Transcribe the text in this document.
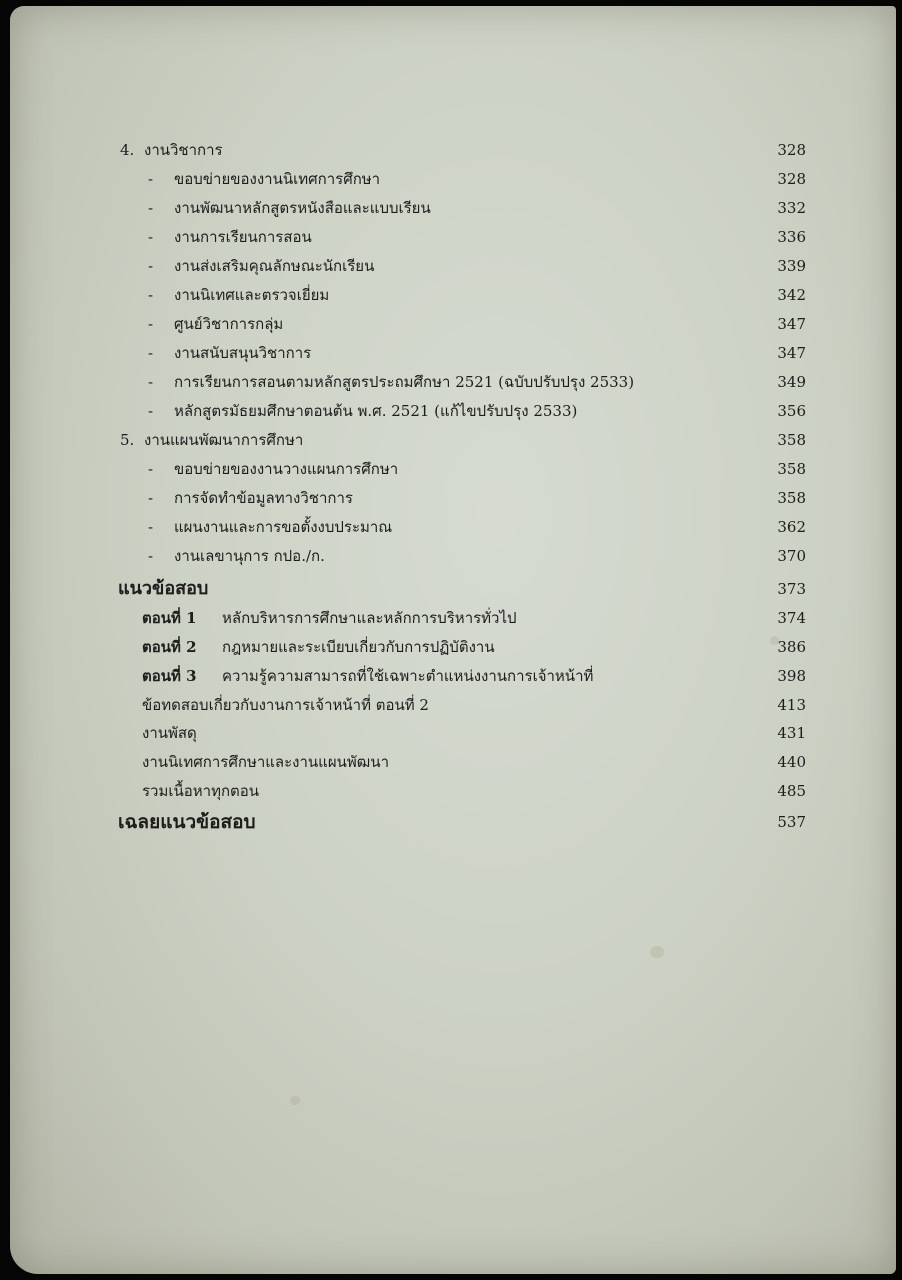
4. งานวิชาการ	328
- ขอบข่ายของงานนิเทศการศึกษา	328
- งานพัฒนาหลักสูตรหนังสือและแบบเรียน	332
- งานการเรียนการสอน	336
- งานส่งเสริมคุณลักษณะนักเรียน	339
- งานนิเทศและตรวจเยี่ยม	342
- ศูนย์วิชาการกลุ่ม	347
- งานสนับสนุนวิชาการ	347
- การเรียนการสอนตามหลักสูตรประถมศึกษา 2521 (ฉบับปรับปรุง 2533)	349
- หลักสูตรมัธยมศึกษาตอนต้น พ.ศ. 2521 (แก้ไขปรับปรุง 2533)	356
5. งานแผนพัฒนาการศึกษา	358
- ขอบข่ายของงานวางแผนการศึกษา	358
- การจัดทำข้อมูลทางวิชาการ	358
- แผนงานและการขอตั้งงบประมาณ	362
- งานเลขานุการ กปอ./ก.	370
แนวข้อสอบ	373
ตอนที่ 1 หลักบริหารการศึกษาและหลักการบริหารทั่วไป	374
ตอนที่ 2 กฎหมายและระเบียบเกี่ยวกับการปฏิบัติงาน	386
ตอนที่ 3 ความรู้ความสามารถที่ใช้เฉพาะตำแหน่งงานการเจ้าหน้าที่	398
ข้อทดสอบเกี่ยวกับงานการเจ้าหน้าที่ ตอนที่ 2	413
งานพัสดุ	431
งานนิเทศการศึกษาและงานแผนพัฒนา	440
รวมเนื้อหาทุกตอน	485
เฉลยแนวข้อสอบ	537
